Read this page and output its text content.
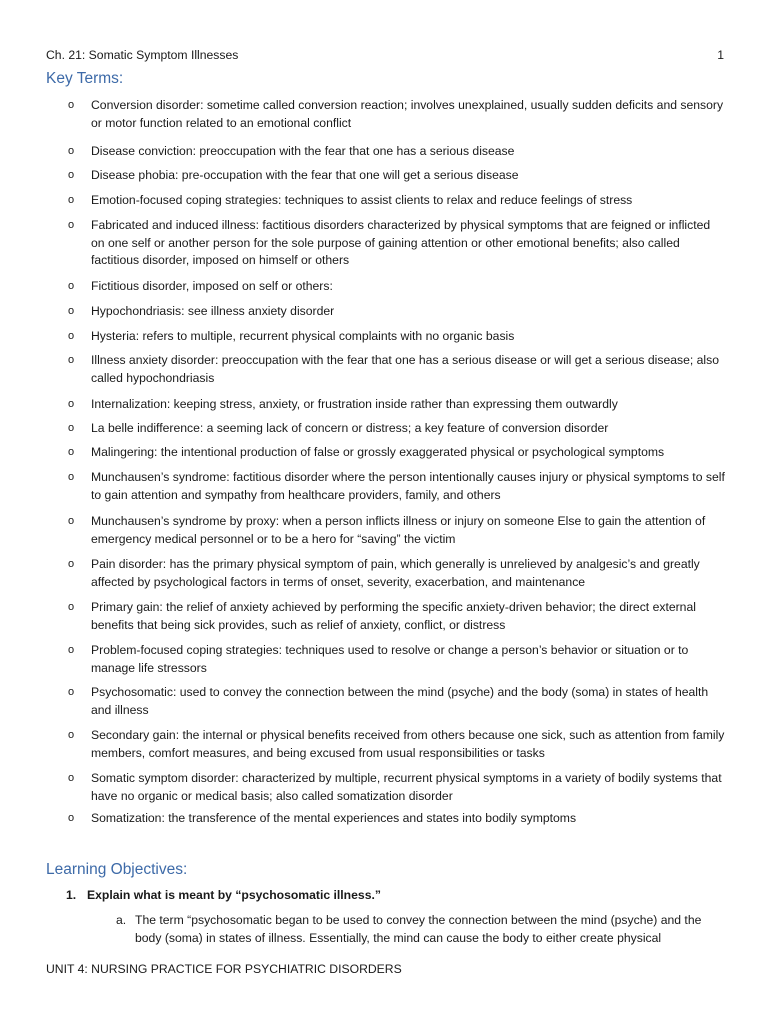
Ch. 21: Somatic Symptom Illnesses	1
Key Terms:
o Conversion disorder: sometime called conversion reaction; involves unexplained, usually sudden deficits and sensory or motor function related to an emotional conflict
o Disease conviction: preoccupation with the fear that one has a serious disease
o Disease phobia: pre-occupation with the fear that one will get a serious disease
o Emotion-focused coping strategies: techniques to assist clients to relax and reduce feelings of stress
o Fabricated and induced illness: factitious disorders characterized by physical symptoms that are feigned or inflicted on one self or another person for the sole purpose of gaining attention or other emotional benefits; also called factitious disorder, imposed on himself or others
o Fictitious disorder, imposed on self or others:
o Hypochondriasis: see illness anxiety disorder
o Hysteria: refers to multiple, recurrent physical complaints with no organic basis
o Illness anxiety disorder: preoccupation with the fear that one has a serious disease or will get a serious disease; also called hypochondriasis
o Internalization: keeping stress, anxiety, or frustration inside rather than expressing them outwardly
o La belle indifference: a seeming lack of concern or distress; a key feature of conversion disorder
o Malingering: the intentional production of false or grossly exaggerated physical or psychological symptoms
o Munchausen’s syndrome: factitious disorder where the person intentionally causes injury or physical symptoms to self to gain attention and sympathy from healthcare providers, family, and others
o Munchausen’s syndrome by proxy: when a person inflicts illness or injury on someone Else to gain the attention of emergency medical personnel or to be a hero for “saving” the victim
o Pain disorder: has the primary physical symptom of pain, which generally is unrelieved by analgesic’s and greatly affected by psychological factors in terms of onset, severity, exacerbation, and maintenance
o Primary gain: the relief of anxiety achieved by performing the specific anxiety-driven behavior; the direct external benefits that being sick provides, such as relief of anxiety, conflict, or distress
o Problem-focused coping strategies: techniques used to resolve or change a person’s behavior or situation or to manage life stressors
o Psychosomatic: used to convey the connection between the mind (psyche) and the body (soma) in states of health and illness
o Secondary gain: the internal or physical benefits received from others because one sick, such as attention from family members, comfort measures, and being excused from usual responsibilities or tasks
o Somatic symptom disorder: characterized by multiple, recurrent physical symptoms in a variety of bodily systems that have no organic or medical basis; also called somatization disorder
o Somatization: the transference of the mental experiences and states into bodily symptoms
Learning Objectives:
1. Explain what is meant by “psychosomatic illness.”
a. The term “psychosomatic began to be used to convey the connection between the mind (psyche) and the body (soma) in states of illness. Essentially, the mind can cause the body to either create physical
UNIT 4: NURSING PRACTICE FOR PSYCHIATRIC DISORDERS
